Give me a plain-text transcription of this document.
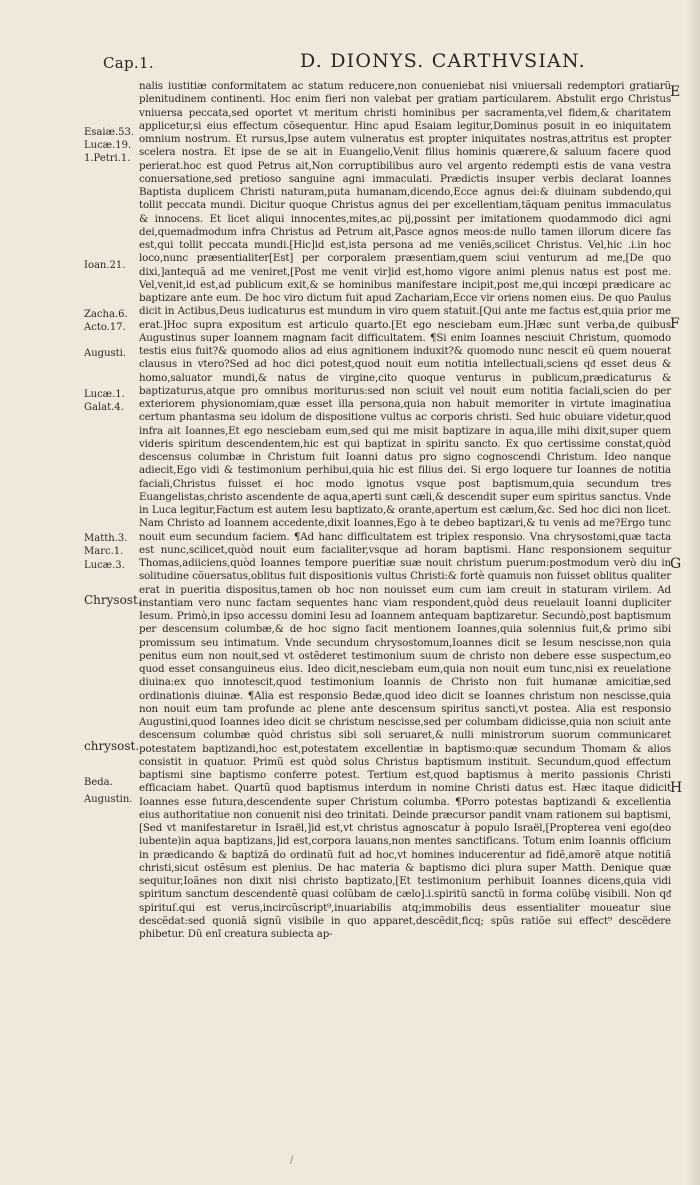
Cap.1.	D. DIONYS. CARTHVSIAN.
Esaiæ.53.
Lucæ.19.
1.Petri.1.
Ioan.21.
Zacha.6.
Acto.17.
Augusti.
Lucæ.1.
Galat.4.
Matth.3.
Marc.1.
Lucæ.3.
Chrysost.
chrysost.
Beda.
Augustin.
E
F
G
H

nalis iustitiæ conformitatem ac statum reducere,non conueniebat nisi vniuersali redemptori gratiarũ plenitudinem continenti. Hoc enim fieri non valebat per gratiam particularem. Abstulit ergo Christus vniuersa peccata,sed oportet vt meritum christi hominibus per sacramenta,vel fidem,& charitatem applicetur,si eius effectum cõsequentur. Hinc apud Esaiam legitur,Dominus posuit in eo iniquitatem omnium nostrum. Et rursus,Ipse autem vulneratus est propter iniquitates nostras,attritus est propter scelera nostra. Et ipse de se ait in Euangelio,Venit filius hominis quærere,& saluum facere quod perierat.hoc est quod Petrus ait,Non corruptibilibus auro vel argento redempti estis de vana vestra conuersatione,sed pretioso sanguine agni immaculati. Prædictis insuper verbis declarat Ioannes Baptista duplicem Christi naturam,puta humanam,dicendo,Ecce agnus dei:& diuinam subdendo,qui tollit peccata mundi. Dicitur quoque Christus agnus dei per excellentiam,tãquam penitus immaculatus & innocens. Et licet aliqui innocentes,mites,ac pij,possint per imitationem quodammodo dici agni dei,quemadmodum infra Christus ad Petrum ait,Pasce agnos meos:de nullo tamen illorum dicere fas est,qui tollit peccata mundi.[Hic]id est,ista persona ad me veniẽs,scilicet Christus. Vel,hic .i.in hoc loco,nunc præsentialiter[Est] per corporalem præsentiam,quem sciui venturum ad me,[De quo dixi,]antequã ad me veniret,[Post me venit vir]id est,homo vigore animi plenus natus est post me. Vel,venit,id est,ad publicum exit,& se hominibus manifestare incipit,post me,qui incœpi prædicare ac baptizare ante eum. De hoc viro dictum fuit apud Zachariam,Ecce vir oriens nomen eius. De quo Paulus dicit in Actibus,Deus iudicaturus est mundum in viro quem statuit.[Qui ante me factus est,quia prior me erat.]Hoc supra expositum est articulo quarto.[Et ego nesciebam eum.]Hæc sunt verba,de quibus Augustinus super Ioannem magnam facit difficultatem. ¶Si enim Ioannes nesciuit Christum, quomodo testis eius fuit?& quomodo alios ad eius agnitionem induxit?& quomodo nunc nescit eũ quem nouerat clausus in vtero?Sed ad hoc dici potest,quod nouit eum notitia intellectuali,sciens qᵭ esset deus & homo,saluator mundi,& natus de virgine,cito quoque venturus in publicum,prædicaturus & baptizaturus,atque pro omnibus moriturus:sed non sciuit vel nouit eum notitia faciali,scien do per exteriorem physionomiam,quæ esset illa persona,quia non habuit memoriter in virtute imaginatiua certum phantasma seu idolum de dispositione vultus ac corporis christi. Sed huic obuiare videtur,quod infra ait Ioannes,Et ego nesciebam eum,sed qui me misit baptizare in aqua,ille mihi dixit,super quem videris spiritum descendentem,hic est qui baptizat in spiritu sancto. Ex quo certissime constat,quòd descensus columbæ in Christum fuit Ioanni datus pro signo cognoscendi Christum. Ideo nanque adiecit,Ego vidi & testimonium perhibui,quia hic est filius dei. Si ergo loquere tur Ioannes de notitia faciali,Christus fuisset ei hoc modo ignotus vsque post baptismum,quia secundum tres Euangelistas,christo ascendente de aqua,aperti sunt cæli,& descendit super eum spiritus sanctus. Vnde in Luca legitur,Factum est autem Iesu baptizato,& orante,apertum est cælum,&c. Sed hoc dici non licet. Nam Christo ad Ioannem accedente,dixit Ioannes,Ego à te debeo baptizari,& tu venis ad me?Ergo tunc nouit eum secundum faciem. ¶Ad hanc difficultatem est triplex responsio. Vna chrysostomi,quæ tacta est nunc,scilicet,quòd nouit eum facialiter,vsque ad horam baptismi. Hanc responsionem sequitur Thomas,adiiciens,quòd Ioannes tempore pueritiæ suæ nouit christum puerum:postmodum verò diu in solitudine cõuersatus,oblitus fuit dispositionis vultus Christi:& fortè quamuis non fuisset oblitus qualiter erat in pueritia dispositus,tamen ob hoc non nouisset eum cum iam creuit in staturam virilem. Ad instantiam vero nunc factam sequentes hanc viam respondent,quòd deus reuelauit Ioanni dupliciter Iesum. Primò,in ipso accessu domini Iesu ad Ioannem antequam baptizaretur. Secundò,post baptismum per descensum columbæ,& de hoc signo facit mentionem Ioannes,quia solennius fuit,& primo sibi promissum seu intimatum. Vnde secundum chrysostomum,Ioannes dicit se Iesum nescisse,non quia penitus eum non nouit,sed vt ostẽderet testimonium suum de christo non debere esse suspectum,eo quod esset consanguineus eius. Ideo dicit,nesciebam eum,quia non nouit eum tunc,nisi ex reuelatione diuina:ex quo innotescit,quod testimonium Ioannis de Christo non fuit humanæ amicitiæ,sed ordinationis diuinæ. ¶Alia est responsio Bedæ,quod ideo dicit se Ioannes christum non nescisse,quia non nouit eum tam profunde ac plene ante descensum spiritus sancti,vt postea. Alia est responsio Augustini,quod Ioannes ideo dicit se christum nescisse,sed per columbam didicisse,quia non sciuit ante descensum columbæ quòd christus sibi soli seruaret,& nulli ministrorum suorum communicaret potestatem baptizandi,hoc est,potestatem excellentiæ in baptismo:quæ secundum Thomam & alios consistit in quatuor. Primũ est quòd solus Christus baptismum instituit. Secundum,quod effectum baptismi sine baptismo conferre potest. Tertium est,quod baptismus à merito passionis Christi efficaciam habet. Quartũ quod baptismus interdum in nomine Christi datus est. Hæc itaque didicit Ioannes esse futura,descendente super Christum columba. ¶Porro potestas baptizandi & excellentia eius authoritatiue non conuenit nisi deo trinitati. Deinde præcursor pandit vnam rationem sui baptismi,[Sed vt manifestaretur in Israël,]id est,vt christus agnoscatur à populo Israël,[Propterea veni ego(deo iubente)in aqua baptizans,]id est,corpora lauans,non mentes sanctificans. Totum enim Ioannis officium in prædicando & baptizã do ordinatũ fuit ad hoc,vt homines inducerentur ad fidẽ,amorẽ atque notitiã christi,sicut ostẽsum est plenius. De hac materia & baptismo dici plura super Matth. Denique quæ sequitur,Ioãnes non dixit nisi christo baptizato,[Et testimonium perhibuit Ioannes dicens,quia vidi spiritum sanctum descendentẽ quasi colũbam de cælo].i.spiritũ sanctũ in forma colũbę visibili. Non qᵭ spirituſ.qui est verus,incircũscript⁹,inuariabilis atq;immobilis deus essentialiter moueatur siue descẽdat:sed quoniã signũ visibile in quo apparet,descẽdit,ficq; spũs ratiõe sui effect⁹ descẽdere phibetur. Dũ enĩ creatura subiecta ap-

/
